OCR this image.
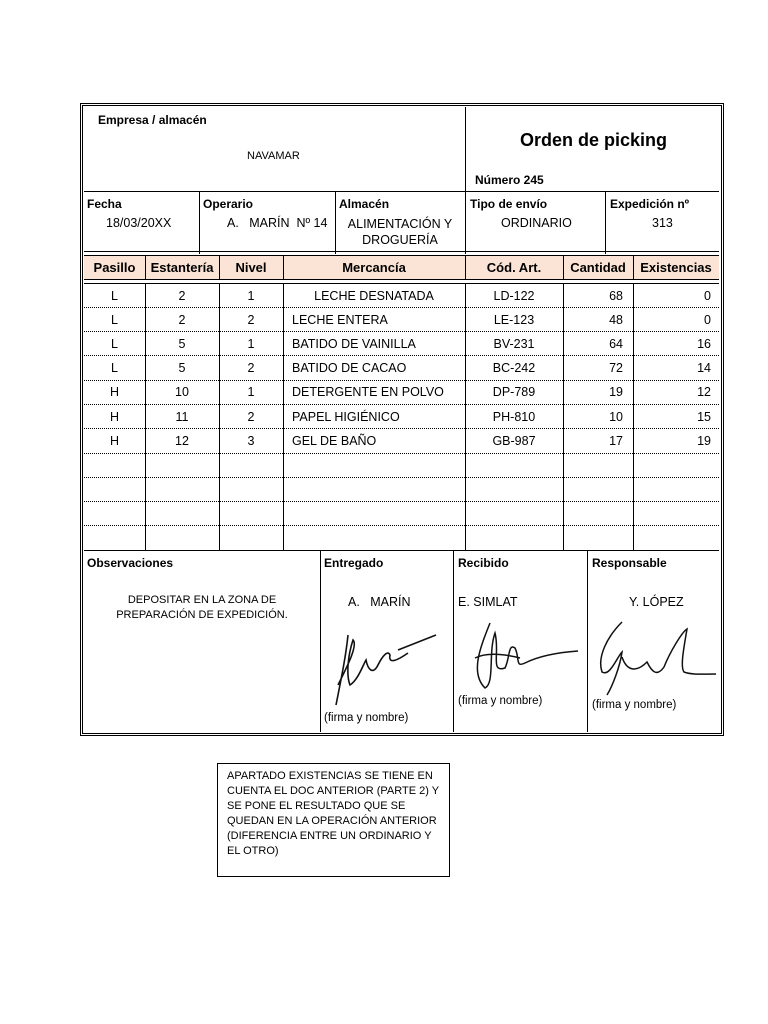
Empresa / almacén
NAVAMAR
Orden de picking
Número 245
Fecha
18/03/20XX
Operario
A.   MARÍN  Nº 14
Almacén
ALIMENTACIÓN Y DROGUERÍA
Tipo de envío
ORDINARIO
Expedición nº
313
Pasillo	Estantería	Nivel	Mercancía	Cód. Art.	Cantidad	Existencias
L	2	1	LECHE DESNATADA	LD-122	68	0
L	2	2	LECHE ENTERA	LE-123	48	0
L	5	1	BATIDO DE VAINILLA	BV-231	64	16
L	5	2	BATIDO DE CACAO	BC-242	72	14
H	10	1	DETERGENTE EN POLVO	DP-789	19	12
H	11	2	PAPEL HIGIÉNICO	PH-810	10	15
H	12	3	GEL DE BAÑO	GB-987	17	19
Observaciones
DEPOSITAR EN LA ZONA DE PREPARACIÓN DE EXPEDICIÓN.
Entregado
A.   MARÍN
(firma y nombre)
Recibido
E. SIMLAT
(firma y nombre)
Responsable
Y. LÓPEZ
(firma y nombre)
APARTADO EXISTENCIAS SE TIENE EN CUENTA EL DOC ANTERIOR (PARTE 2) Y SE PONE EL RESULTADO QUE SE QUEDAN EN LA OPERACIÓN ANTERIOR (DIFERENCIA ENTRE UN ORDINARIO Y EL OTRO)
